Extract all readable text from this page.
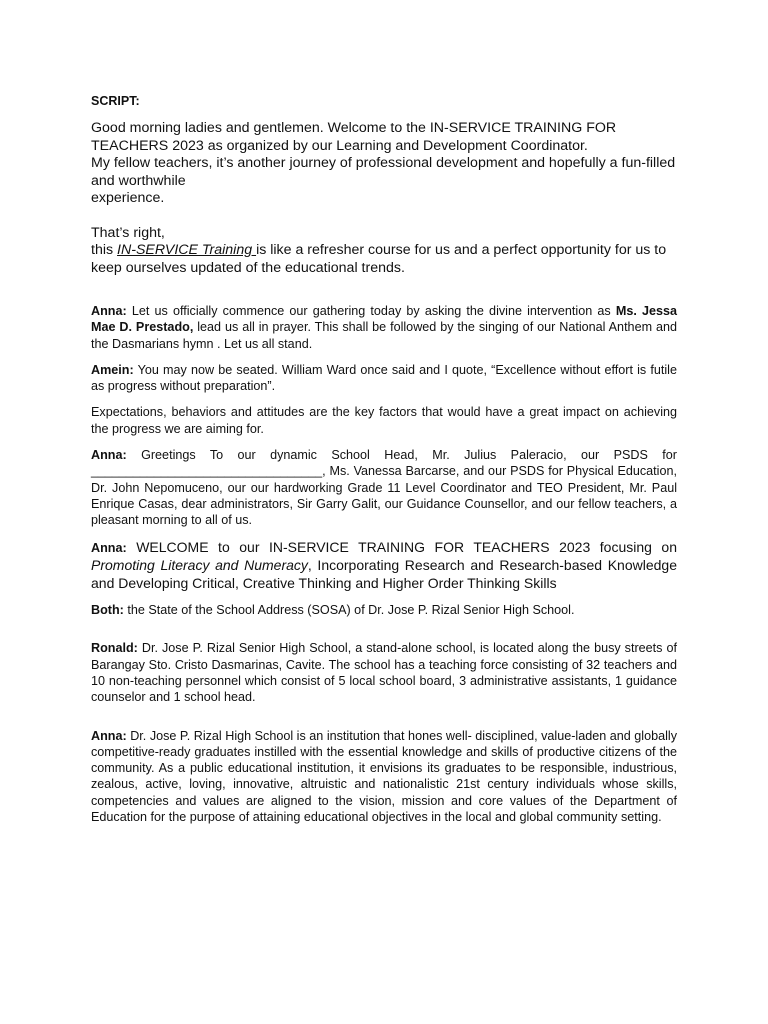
SCRIPT:

Good morning ladies and gentlemen. Welcome to the IN-SERVICE TRAINING FOR TEACHERS 2023 as organized by our Learning and Development Coordinator.

My fellow teachers, it’s another journey of professional development and hopefully a fun-filled and worthwhile

experience.

That’s right,

this IN-SERVICE Training is like a refresher course for us and a perfect opportunity for us to keep ourselves updated of the educational trends.

Anna: Let us officially commence our gathering today by asking the divine intervention as Ms. Jessa Mae D. Prestado, lead us all in prayer. This shall be followed by the singing of our National Anthem and the Dasmarians hymn . Let us all stand.

Amein: You may now be seated. William Ward once said and I quote, “Excellence without effort is futile as progress without preparation”.

Expectations, behaviors and attitudes are the key factors that would have a great impact on achieving the progress we are aiming for.

Anna: Greetings To our dynamic School Head, Mr. Julius Paleracio, our PSDS for _________________________________, Ms. Vanessa Barcarse, and our PSDS for Physical Education, Dr. John Nepomuceno, our our hardworking Grade 11 Level Coordinator and TEO President, Mr. Paul Enrique Casas, dear administrators, Sir Garry Galit, our Guidance Counsellor, and our fellow teachers, a pleasant morning to all of us.

Anna: WELCOME to our IN-SERVICE TRAINING FOR TEACHERS 2023 focusing on Promoting Literacy and Numeracy, Incorporating Research and Research-based Knowledge and Developing Critical, Creative Thinking and Higher Order Thinking Skills

Both: the State of the School Address (SOSA) of Dr. Jose P. Rizal Senior High School.

Ronald: Dr. Jose P. Rizal Senior High School, a stand-alone school, is located along the busy streets of Barangay Sto. Cristo Dasmarinas, Cavite. The school has a teaching force consisting of 32 teachers and 10 non-teaching personnel which consist of 5 local school board, 3 administrative assistants, 1 guidance counselor and 1 school head.

Anna: Dr. Jose P. Rizal High School is an institution that hones well- disciplined, value-laden and globally competitive-ready graduates instilled with the essential knowledge and skills of productive citizens of the community. As a public educational institution, it envisions its graduates to be responsible, industrious, zealous, active, loving, innovative, altruistic and nationalistic 21st century individuals whose skills, competencies and values are aligned to the vision, mission and core values of the Department of Education for the purpose of attaining educational objectives in the local and global community setting.
